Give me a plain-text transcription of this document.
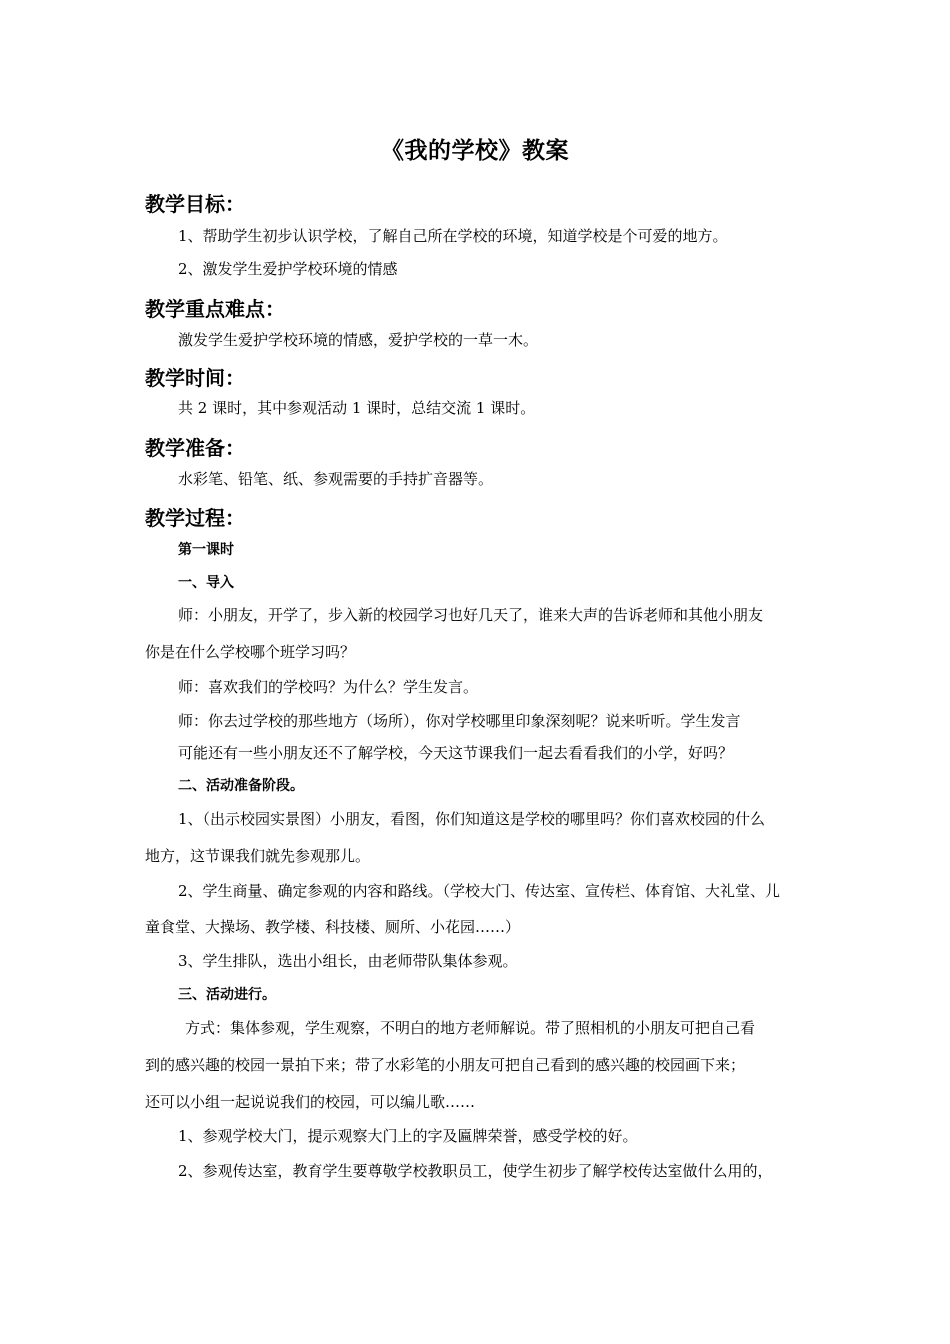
《我的学校》教案
教学目标：

1、帮助学生初步认识学校，了解自己所在学校的环境，知道学校是个可爱的地方。

2、激发学生爱护学校环境的情感

教学重点难点：

激发学生爱护学校环境的情感，爱护学校的一草一木。

教学时间：

共 2 课时，其中参观活动 1 课时，总结交流 1 课时。

教学准备：

水彩笔、铅笔、纸、参观需要的手持扩音器等。

教学过程：

第一课时

一、导入

师：小朋友，开学了，步入新的校园学习也好几天了，谁来大声的告诉老师和其他小朋友

你是在什么学校哪个班学习吗？

师：喜欢我们的学校吗？为什么？学生发言。

师：你去过学校的那些地方（场所），你对学校哪里印象深刻呢？说来听听。学生发言

可能还有一些小朋友还不了解学校，今天这节课我们一起去看看我们的小学，好吗？

二、活动准备阶段。

1、（出示校园实景图）小朋友，看图，你们知道这是学校的哪里吗？你们喜欢校园的什么

地方，这节课我们就先参观那儿。

2、学生商量、确定参观的内容和路线。（学校大门、传达室、宣传栏、体育馆、大礼堂、儿

童食堂、大操场、教学楼、科技楼、厕所、小花园……）

3、学生排队，选出小组长，由老师带队集体参观。

三、活动进行。

方式：集体参观，学生观察，不明白的地方老师解说。带了照相机的小朋友可把自己看

到的感兴趣的校园一景拍下来；带了水彩笔的小朋友可把自己看到的感兴趣的校园画下来；

还可以小组一起说说我们的校园，可以编儿歌……

1、参观学校大门，提示观察大门上的字及匾牌荣誉，感受学校的好。

2、参观传达室，教育学生要尊敬学校教职员工，使学生初步了解学校传达室做什么用的，
